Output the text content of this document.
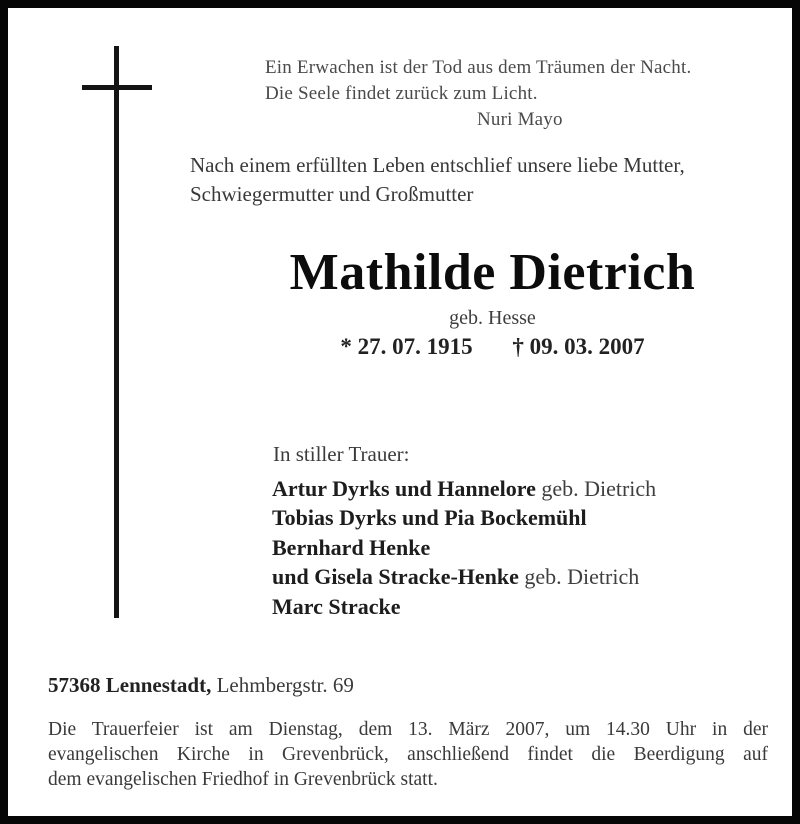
Ein Erwachen ist der Tod aus dem Träumen der Nacht.
Die Seele findet zurück zum Licht.
Nuri Mayo
Nach einem erfüllten Leben entschlief unsere liebe Mutter,
Schwiegermutter und Großmutter
Mathilde Dietrich
geb. Hesse
* 27. 07. 1915 † 09. 03. 2007
In stiller Trauer:
Artur Dyrks und Hannelore geb. Dietrich
Tobias Dyrks und Pia Bockemühl
Bernhard Henke
und Gisela Stracke-Henke geb. Dietrich
Marc Stracke
57368 Lennestadt, Lehmbergstr. 69
Die Trauerfeier ist am Dienstag, dem 13. März 2007, um 14.30 Uhr in der
evangelischen Kirche in Grevenbrück, anschließend findet die Beerdigung auf
dem evangelischen Friedhof in Grevenbrück statt.
